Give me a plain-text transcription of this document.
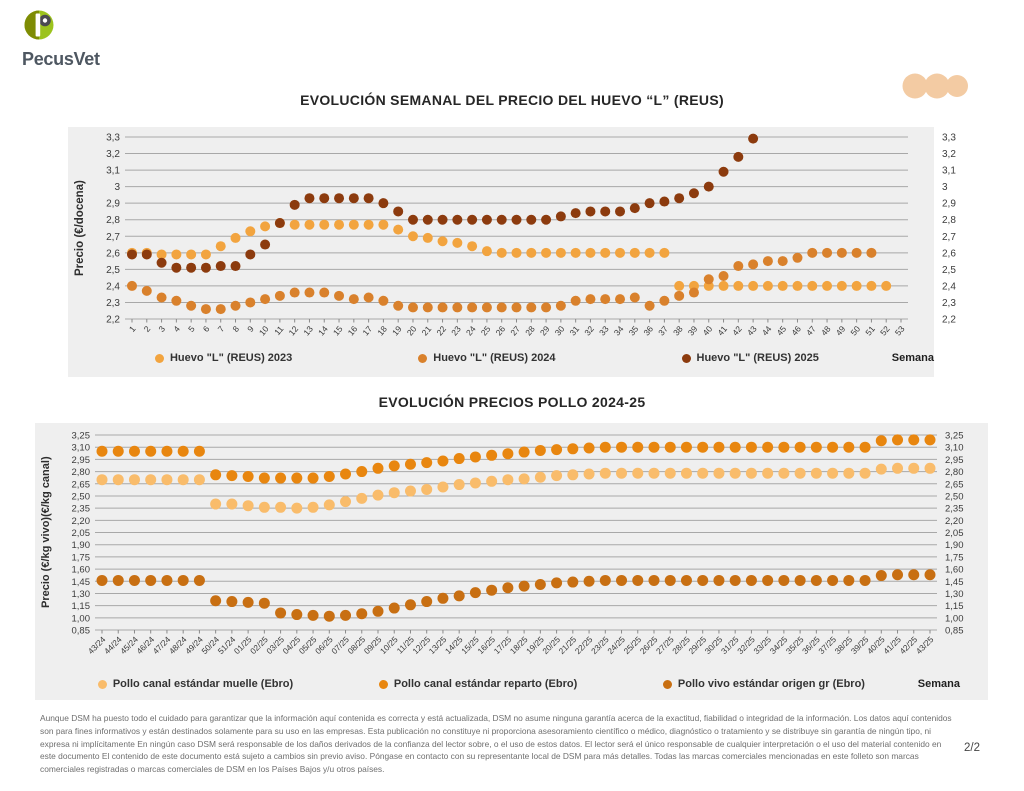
PecusVet
EVOLUCIÓN SEMANAL DEL PRECIO DEL HUEVO “L” (REUS)
3,3	3,3
3,2	3,2
3,1	3,1
3	3
2,9	2,9
2,8	2,8
2,7	2,7
2,6	2,6
2,5	2,5
2,4	2,4
2,3	2,3
2,2	2,2
1 2 3 4 5 6 7 8 9 10 11 12 13 14 15 16 17 18 19 20 21 22 23 24 25 26 27 28 29 30 31 32 33 34 35 36 37 38 39 40 41 42 43 44 45 46 47 48 49 50 51 52 53
Precio (€/docena)
Huevo "L" (REUS) 2023	Huevo "L" (REUS) 2024	Huevo "L" (REUS) 2025	Semana
EVOLUCIÓN PRECIOS POLLO 2024-25
3,25	3,25
3,10	3,10
2,95	2,95
2,80	2,80
2,65	2,65
2,50	2,50
2,35	2,35
2,20	2,20
2,05	2,05
1,90	1,90
1,75	1,75
1,60	1,60
1,45	1,45
1,30	1,30
1,15	1,15
1,00	1,00
0,85	0,85
43/24
44/24
45/24
46/24
47/24
48/24
49/24
50/24
51/24
01/25
02/25
03/25
04/25
05/25
06/25
07/25
08/25
09/25
10/25
11/25
12/25
13/25
14/25
15/25
16/25
17/25
18/25
19/25
20/25
21/25
22/25
23/25
24/25
25/25
26/25
27/25
28/25
29/25
30/25
31/25
32/25
33/25
34/25
35/25
36/25
37/25
38/25
39/25
40/25
41/25
42/25
43/25
Precio (€/kg vivo)(€/kg canal)
Pollo canal estándar muelle (Ebro)	Pollo canal estándar reparto (Ebro)	Pollo vivo estándar origen gr (Ebro)	Semana

Aunque DSM ha puesto todo el cuidado para garantizar que la información aquí contenida es correcta y está actualizada, DSM no asume ninguna garantía acerca de la exactitud, fiabilidad o integridad de la información. Los datos aquí contenidos son para fines informativos y están destinados solamente para su uso en las empresas. Esta publicación no constituye ni proporciona asesoramiento científico o médico, diagnóstico o tratamiento y se distribuye sin garantía de ningún tipo, ni expresa ni implícitamente En ningún caso DSM será responsable de los daños derivados de la confianza del lector sobre, o el uso de estos datos. El lector será el único responsable de cualquier interpretación o el uso del material contenido en este documento El contenido de este documento está sujeto a cambios sin previo aviso. Póngase en contacto con su representante local de DSM para más detalles. Todas las marcas comerciales mencionadas en este folleto son marcas comerciales registradas o marcas comerciales de DSM en los Países Bajos y/u otros países.

2/2
